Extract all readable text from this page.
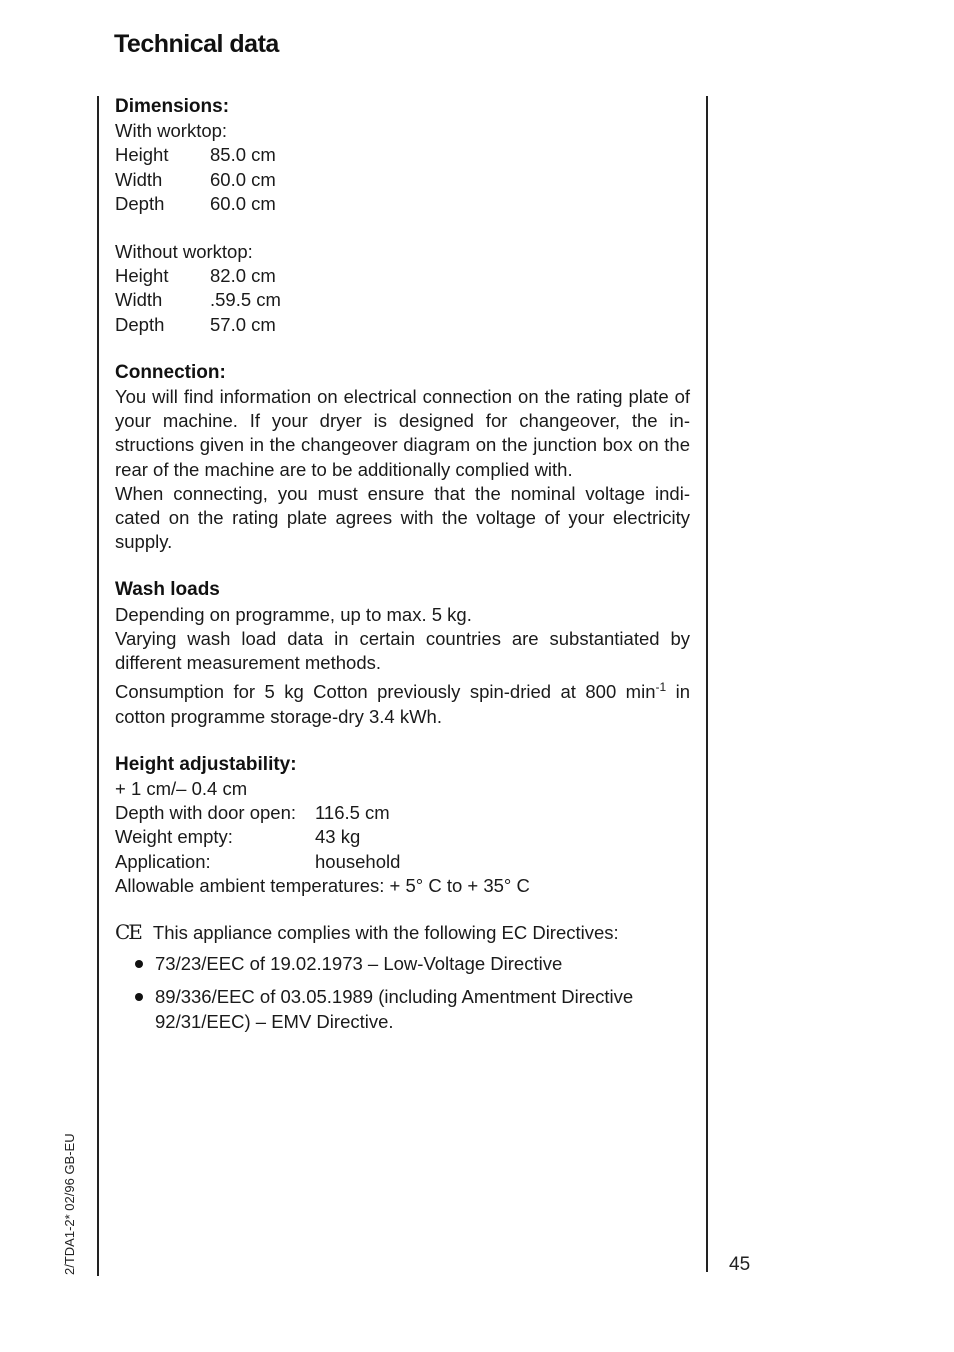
Technical data
Dimensions:
With worktop:
Height	85.0 cm
Width	60.0 cm
Depth	60.0 cm
Without worktop:
Height	82.0 cm
Width	.59.5 cm
Depth	57.0 cm
Connection:
You will find information on electrical connection on the rating plate of your machine. If your dryer is designed for changeover, the in-structions given in the changeover diagram on the junction box on the rear of the machine are to be additionally complied with.
When connecting, you must ensure that the nominal voltage indi-cated on the rating plate agrees with the voltage of your electricity supply.
Wash loads
Depending on programme, up to max. 5 kg.
Varying wash load data in certain countries are substantiated by different measurement methods.
Consumption for 5 kg Cotton previously spin-dried at 800 $\min^{-1}$ in cotton programme storage-dry 3.4 kWh.
Height adjustability:
+ 1 cm/– 0.4 cm
Depth with door open:	116.5 cm
Weight empty:	43 kg
Application:	household
Allowable ambient temperatures: + 5° C to + 35° C
CE This appliance complies with the following EC Directives:
73/23/EEC of 19.02.1973 – Low-Voltage Directive
89/336/EEC of 03.05.1989 (including Amentment Directive 92/31/EEC) – EMV Directive.
2/TDA1-2* 02/96 GB-EU	45
